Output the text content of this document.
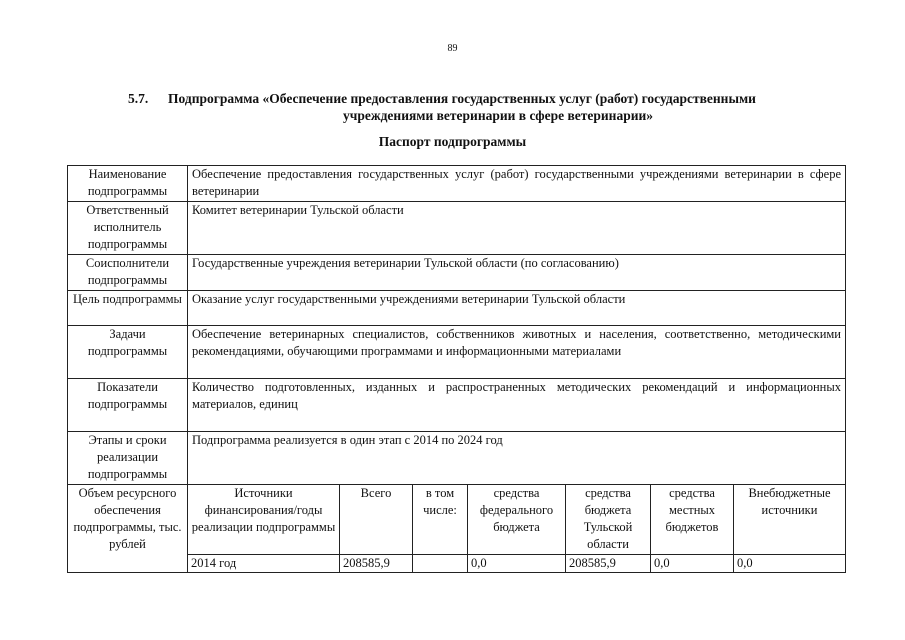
89
5.7.	Подпрограмма «Обеспечение предоставления государственных услуг (работ) государственными
учреждениями ветеринарии в сфере ветеринарии»
Паспорт подпрограммы
Наименование подпрограммы	Обеспечение предоставления государственных услуг (работ) государственными учреждениями ветеринарии в сфере ветеринарии						
Ответственный исполнитель подпрограммы	Комитет ветеринарии Тульской области						
Соисполнители подпрограммы	Государственные учреждения ветеринарии Тульской области (по согласованию)						
Цель подпрограммы	Оказание услуг государственными учреждениями ветеринарии Тульской области						
Задачи подпрограммы	Обеспечение ветеринарных специалистов, собственников животных и населения, соответственно, методическими рекомендациями, обучающими программами и информационными материалами						
Показатели подпрограммы	Количество подготовленных, изданных и распространенных методических рекомендаций и информационных материалов, единиц						
Этапы и сроки реализации подпрограммы	Подпрограмма реализуется в один этап с 2014 по 2024 год						
Объем ресурсного обеспечения подпрограммы, тыс. рублей	Источники финансирования/годы реализации подпрограммы	Всего	в том числе:	средства федерального бюджета	средства бюджета Тульской области	средства местных бюджетов	Внебюджетные источники
	2014 год	208585,9		0,0	208585,9	0,0	0,0
